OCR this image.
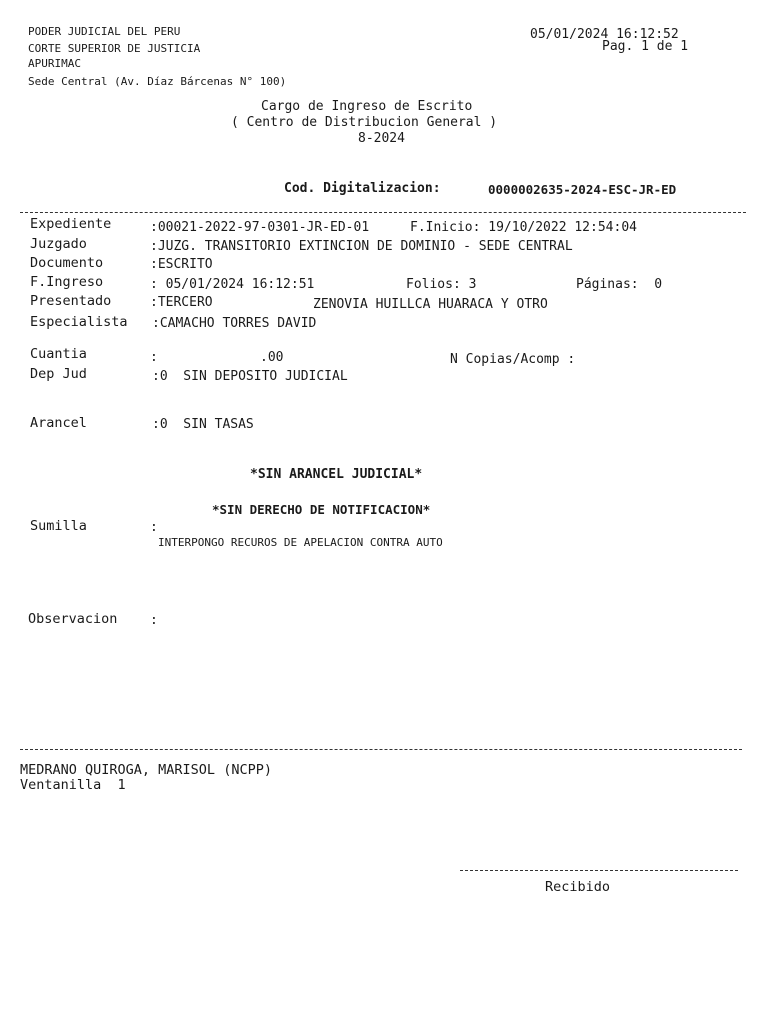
PODER JUDICIAL DEL PERU
CORTE SUPERIOR DE JUSTICIA
APURIMAC
Sede Central (Av. Díaz Bárcenas N° 100)
05/01/2024 16:12:52
Pag. 1 de 1
Cargo de Ingreso de Escrito
( Centro de Distribucion General )
8-2024
Cod. Digitalizacion:	0000002635-2024-ESC-JR-ED
Expediente	:00021-2022-97-0301-JR-ED-01	F.Inicio: 19/10/2022 12:54:04
Juzgado	:JUZG. TRANSITORIO EXTINCION DE DOMINIO - SEDE CENTRAL
Documento	:ESCRITO
F.Ingreso	: 05/01/2024 16:12:51	Folios: 3	Páginas:  0
Presentado	:TERCERO	ZENOVIA HUILLCA HUARACA Y OTRO
Especialista :CAMACHO TORRES DAVID
Cuantia	:	.00	N Copias/Acomp :
Dep Jud	:0  SIN DEPOSITO JUDICIAL
Arancel	:0  SIN TASAS
*SIN ARANCEL JUDICIAL*
*SIN DERECHO DE NOTIFICACION*
Sumilla	:
INTERPONGO RECUROS DE APELACION CONTRA AUTO
Observacion	:
MEDRANO QUIROGA, MARISOL (NCPP)
Ventanilla  1
Recibido
